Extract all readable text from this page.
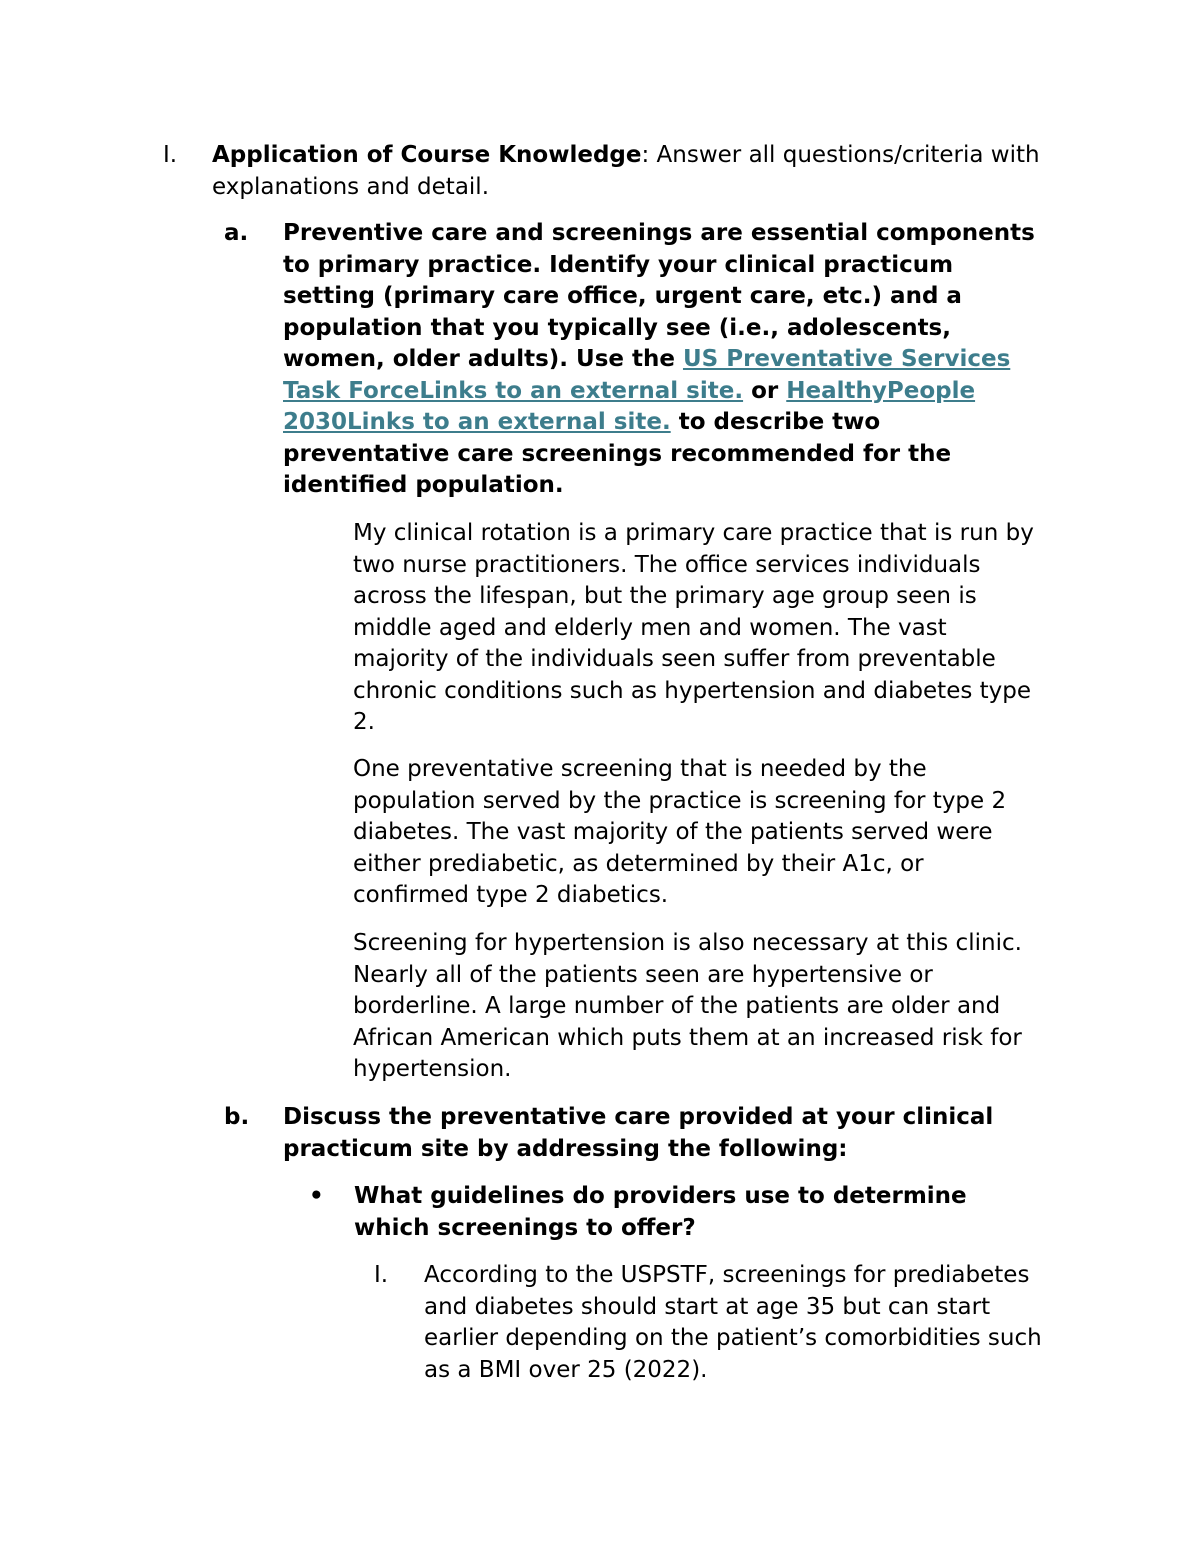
I. Application of Course Knowledge: Answer all questions/criteria with
explanations and detail.
a. Preventive care and screenings are essential components
to primary practice. Identify your clinical practicum
setting (primary care office, urgent care, etc.) and a
population that you typically see (i.e., adolescents,
women, older adults). Use the US Preventative Services
Task ForceLinks to an external site. or HealthyPeople
2030Links to an external site. to describe two
preventative care screenings recommended for the
identified population.
My clinical rotation is a primary care practice that is run by
two nurse practitioners. The office services individuals
across the lifespan, but the primary age group seen is
middle aged and elderly men and women. The vast
majority of the individuals seen suffer from preventable
chronic conditions such as hypertension and diabetes type
2.
One preventative screening that is needed by the
population served by the practice is screening for type 2
diabetes. The vast majority of the patients served were
either prediabetic, as determined by their A1c, or
confirmed type 2 diabetics.
Screening for hypertension is also necessary at this clinic.
Nearly all of the patients seen are hypertensive or
borderline. A large number of the patients are older and
African American which puts them at an increased risk for
hypertension.
b. Discuss the preventative care provided at your clinical
practicum site by addressing the following:
• What guidelines do providers use to determine
which screenings to offer?
I. According to the USPSTF, screenings for prediabetes
and diabetes should start at age 35 but can start
earlier depending on the patient’s comorbidities such
as a BMI over 25 (2022).
